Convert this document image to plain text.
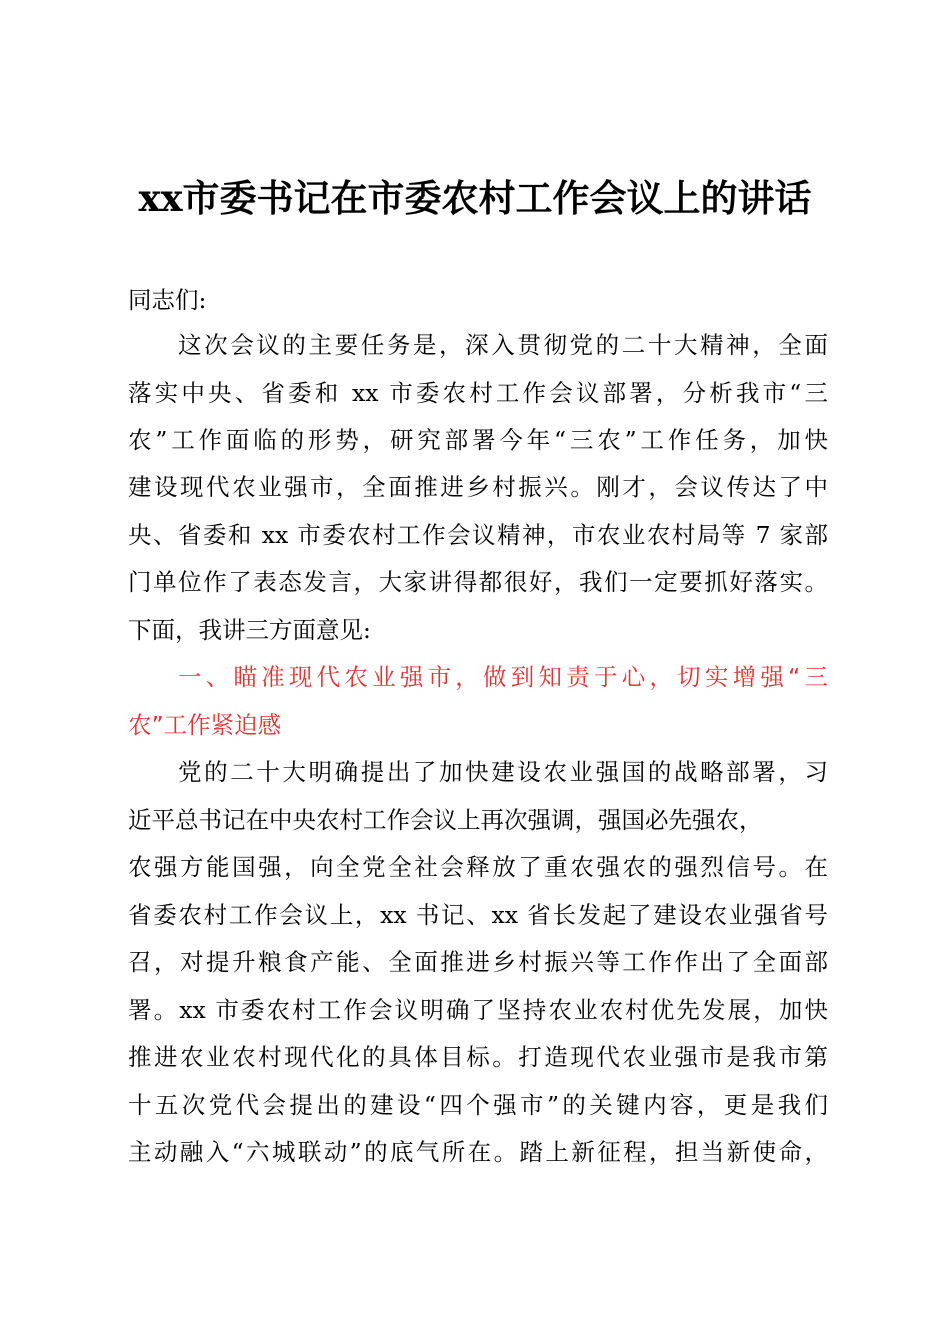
xx市委书记在市委农村工作会议上的讲话
同志们:
这次会议的主要任务是，深入贯彻党的二十大精神，全面
落实中央、省委和 xx 市委农村工作会议部署，分析我市“三
农”工作面临的形势，研究部署今年“三农”工作任务，加快
建设现代农业强市，全面推进乡村振兴。刚才，会议传达了中
央、省委和 xx 市委农村工作会议精神，市农业农村局等 7 家部
门单位作了表态发言，大家讲得都很好，我们一定要抓好落实。
下面，我讲三方面意见:
一、瞄准现代农业强市，做到知责于心，切实增强“三
农”工作紧迫感
党的二十大明确提出了加快建设农业强国的战略部署，习
近平总书记在中央农村工作会议上再次强调，强国必先强农，
农强方能国强，向全党全社会释放了重农强农的强烈信号。在
省委农村工作会议上，xx 书记、xx 省长发起了建设农业强省号
召，对提升粮食产能、全面推进乡村振兴等工作作出了全面部
署。xx 市委农村工作会议明确了坚持农业农村优先发展，加快
推进农业农村现代化的具体目标。打造现代农业强市是我市第
十五次党代会提出的建设“四个强市”的关键内容，更是我们
主动融入“六城联动”的底气所在。踏上新征程，担当新使命，
